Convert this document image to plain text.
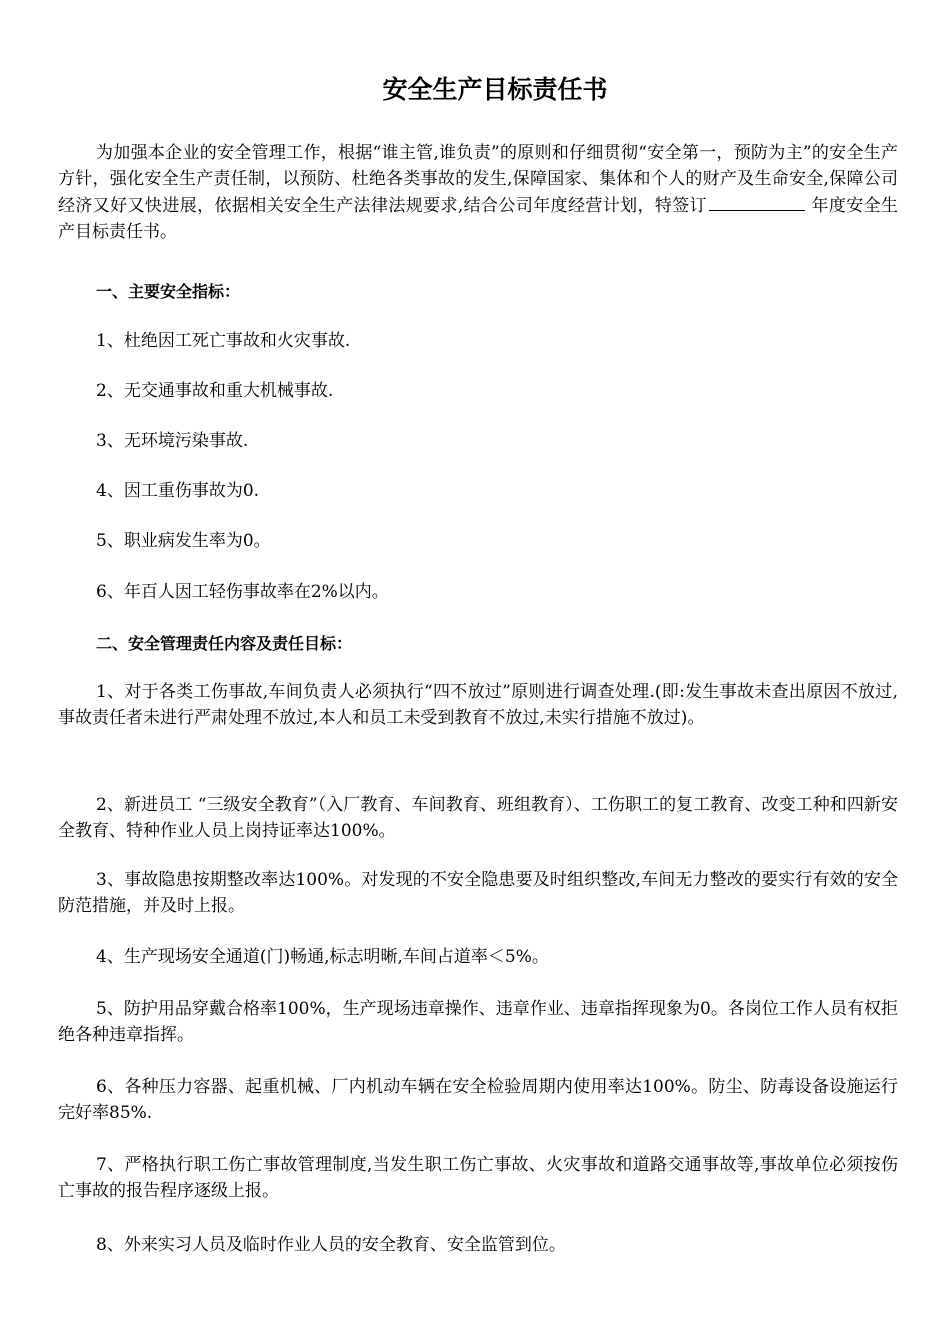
安全生产目标责任书

为加强本企业的安全管理工作，根据“谁主管,谁负责”的原则和仔细贯彻“安全第一，预防为主”的安全生产方针，强化安全生产责任制，以预防、杜绝各类事故的发生,保障国家、集体和个人的财产及生命安全,保障公司经济又好又快进展，依据相关安全生产法律法规要求,结合公司年度经营计划，特签订	年度安全生产目标责任书。

一、主要安全指标：

1、杜绝因工死亡事故和火灾事故.

2、无交通事故和重大机械事故.

3、无环境污染事故.

4、因工重伤事故为0.

5、职业病发生率为0。

6、年百人因工轻伤事故率在2%以内。

二、安全管理责任内容及责任目标：

1、对于各类工伤事故,车间负责人必须执行“四不放过”原则进行调查处理.(即:发生事故未查出原因不放过,事故责任者未进行严肃处理不放过,本人和员工未受到教育不放过,未实行措施不放过)。

2、新进员工 “三级安全教育”（入厂教育、车间教育、班组教育）、工伤职工的复工教育、改变工种和四新安全教育、特种作业人员上岗持证率达100%。

3、事故隐患按期整改率达100%。对发现的不安全隐患要及时组织整改,车间无力整改的要实行有效的安全防范措施，并及时上报。

4、生产现场安全通道(门)畅通,标志明晰,车间占道率＜5%。

5、防护用品穿戴合格率100%，生产现场违章操作、违章作业、违章指挥现象为0。各岗位工作人员有权拒绝各种违章指挥。

6、各种压力容器、起重机械、厂内机动车辆在安全检验周期内使用率达100%。防尘、防毒设备设施运行完好率85%.

7、严格执行职工伤亡事故管理制度,当发生职工伤亡事故、火灾事故和道路交通事故等,事故单位必须按伤亡事故的报告程序逐级上报。

8、外来实习人员及临时作业人员的安全教育、安全监管到位。
